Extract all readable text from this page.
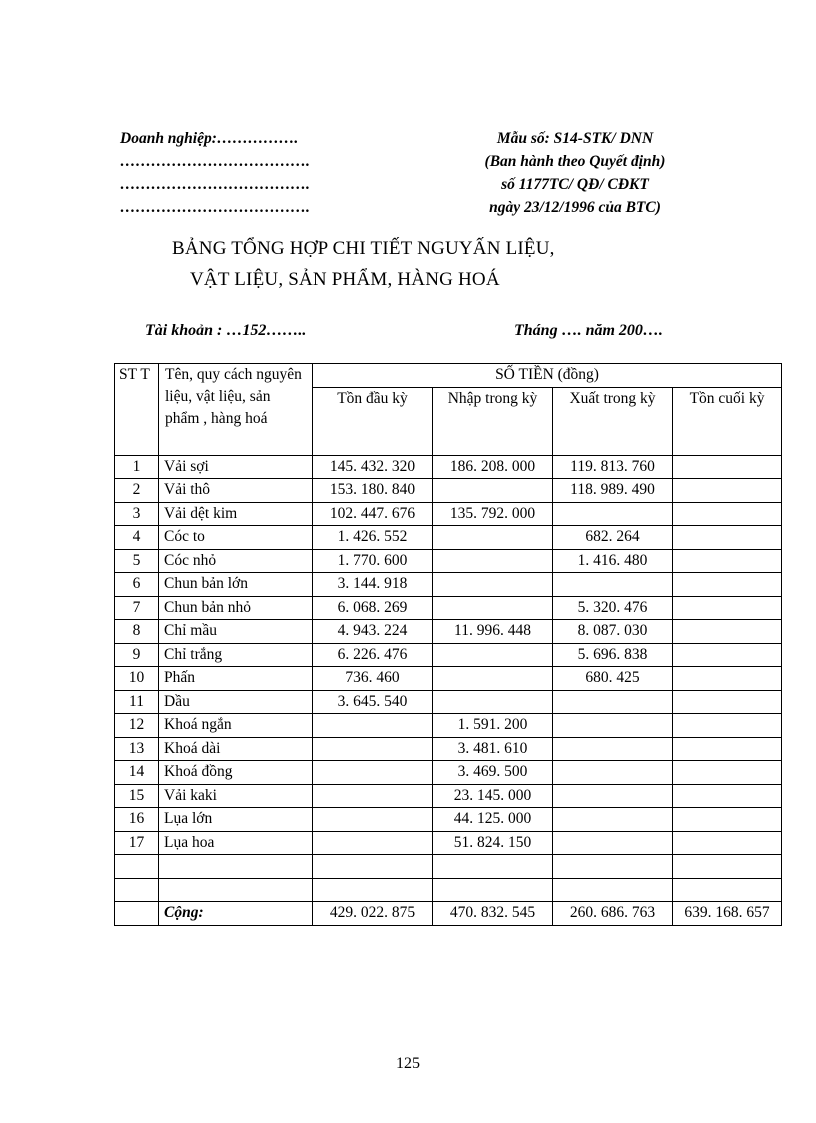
Doanh nghiệp:…………….
……………………………….
……………………………….
……………………………….
Mẫu số: S14-STK/ DNN
(Ban hành theo Quyết định)
số 1177TC/ QĐ/ CĐKT
ngày 23/12/1996 của BTC)
BẢNG TỔNG HỢP CHI TIẾT NGUYẤN LIỆU,
VẬT LIỆU, SẢN PHẨM, HÀNG HOÁ
Tài khoản : …152……..	Tháng …. năm 200….
ST T	Tên, quy cách nguyên liệu, vật liệu, sản phẩm , hàng hoá	SỐ TIỀN (đồng)			
		Tồn đầu kỳ	Nhập trong kỳ	Xuất trong kỳ	Tồn cuối kỳ
1	Vải sợi	145. 432. 320	186. 208. 000	119. 813. 760	
2	Vải thô	153. 180. 840		118. 989. 490	
3	Vải dệt kim	102. 447. 676	135. 792. 000		
4	Cóc to	1. 426. 552		682. 264	
5	Cóc nhỏ	1. 770. 600		1. 416. 480	
6	Chun bản lớn	3. 144. 918			
7	Chun bản nhỏ	6. 068. 269		5. 320. 476	
8	Chỉ mầu	4. 943. 224	11. 996. 448	8. 087. 030	
9	Chỉ trắng	6. 226. 476		5. 696. 838	
10	Phấn	736. 460		680. 425	
11	Dầu	3. 645. 540			
12	Khoá ngắn		1. 591. 200		
13	Khoá dài		3. 481. 610		
14	Khoá đồng		3. 469. 500		
15	Vải kaki		23. 145. 000		
16	Lụa lớn		44. 125. 000		
17	Lụa hoa		51. 824. 150		

	Cộng:	429. 022. 875	470. 832. 545	260. 686. 763	639. 168. 657
125
